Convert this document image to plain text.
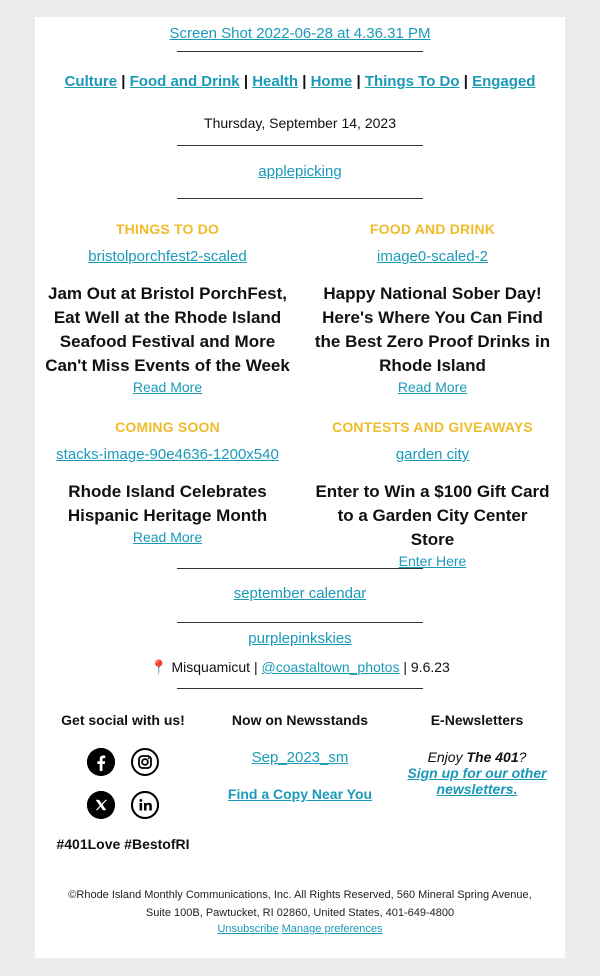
Screen Shot 2022-06-28 at 4.36.31 PM
Culture | Food and Drink | Health | Home | Things To Do | Engaged
Thursday, September 14, 2023
applepicking
THINGS TO DO
bristolporchfest2-scaled
Jam Out at Bristol PorchFest, Eat Well at the Rhode Island Seafood Festival and More Can't Miss Events of the Week
Read More
FOOD AND DRINK
image0-scaled-2
Happy National Sober Day! Here's Where You Can Find the Best Zero Proof Drinks in Rhode Island
Read More
COMING SOON
stacks-image-90e4636-1200x540
Rhode Island Celebrates Hispanic Heritage Month
Read More
CONTESTS AND GIVEAWAYS
garden city
Enter to Win a $100 Gift Card to a Garden City Center Store
Enter Here
september calendar
purplepinkskies
📍 Misquamicut | @coastaltown_photos | 9.6.23
Get social with us!
#401Love #BestofRI
Now on Newsstands
Sep_2023_sm
Find a Copy Near You
E-Newsletters
Enjoy The 401?
Sign up for our other newsletters.
©Rhode Island Monthly Communications, Inc. All Rights Reserved, 560 Mineral Spring Avenue, Suite 100B, Pawtucket, RI 02860, United States, 401-649-4800
Unsubscribe Manage preferences
